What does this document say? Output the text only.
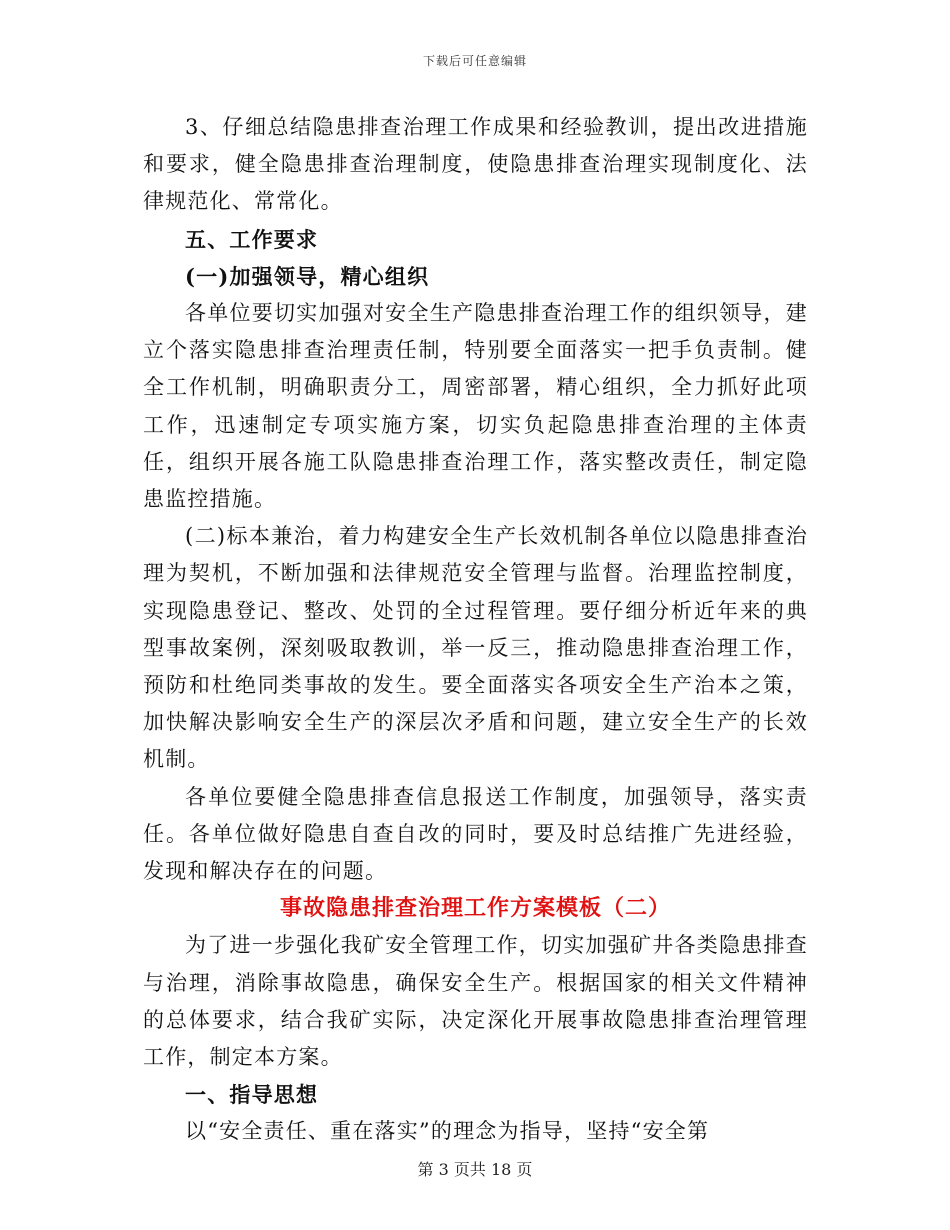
下载后可任意编辑

3、仔细总结隐患排查治理工作成果和经验教训，提出改进措施和要求，健全隐患排查治理制度，使隐患排查治理实现制度化、法律规范化、常常化。

五、工作要求

(一)加强领导，精心组织

各单位要切实加强对安全生产隐患排查治理工作的组织领导，建立个落实隐患排查治理责任制，特别要全面落实一把手负责制。健全工作机制，明确职责分工，周密部署，精心组织，全力抓好此项工作，迅速制定专项实施方案，切实负起隐患排查治理的主体责任，组织开展各施工队隐患排查治理工作，落实整改责任，制定隐患监控措施。

(二)标本兼治，着力构建安全生产长效机制各单位以隐患排查治理为契机，不断加强和法律规范安全管理与监督。治理监控制度，实现隐患登记、整改、处罚的全过程管理。要仔细分析近年来的典型事故案例，深刻吸取教训，举一反三，推动隐患排查治理工作，预防和杜绝同类事故的发生。要全面落实各项安全生产治本之策，加快解决影响安全生产的深层次矛盾和问题，建立安全生产的长效机制。

各单位要健全隐患排查信息报送工作制度，加强领导，落实责任。各单位做好隐患自查自改的同时，要及时总结推广先进经验，发现和解决存在的问题。

事故隐患排查治理工作方案模板（二）

为了进一步强化我矿安全管理工作，切实加强矿井各类隐患排查与治理，消除事故隐患，确保安全生产。根据国家的相关文件精神的总体要求，结合我矿实际，决定深化开展事故隐患排查治理管理工作，制定本方案。

一、指导思想

以“安全责任、重在落实”的理念为指导，坚持“安全第

第 3 页共 18 页
